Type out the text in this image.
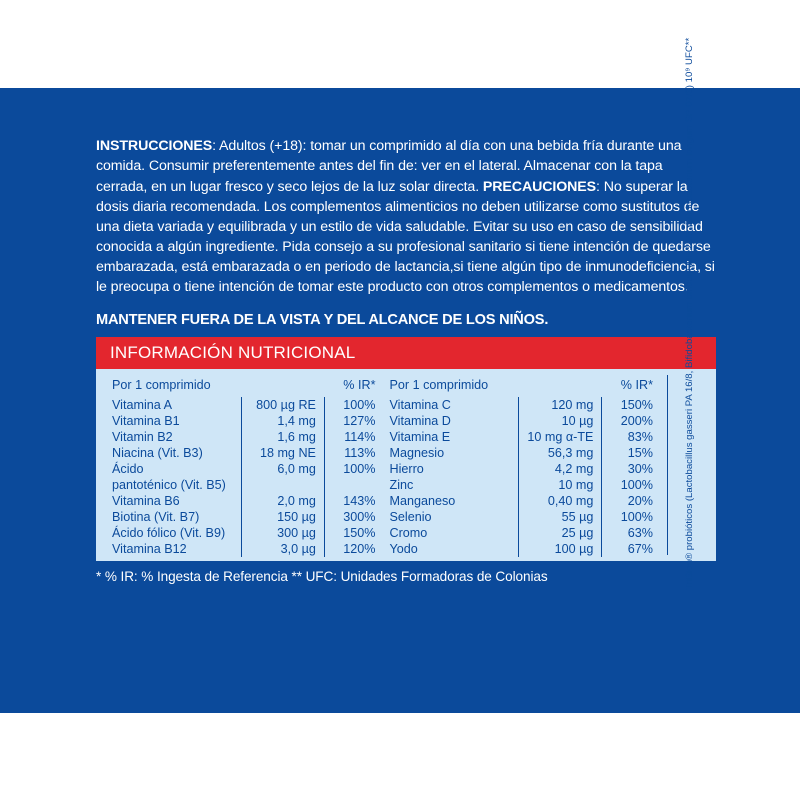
INSTRUCCIONES: Adultos (+18): tomar un comprimido al día con una bebida fría durante una comida. Consumir preferentemente antes del fin de: ver en el lateral. Almacenar con la tapa cerrada, en un lugar fresco y seco lejos de la luz solar directa. PRECAUCIONES: No superar la dosis diaria recomendada. Los complementos alimenticios no deben utilizarse como sustitutos de una dieta variada y equilibrada y un estilo de vida saludable. Evitar su uso en caso de sensibilidad conocida a algún ingrediente. Pida consejo a su profesional sanitario si tiene intención de quedarse embarazada, está embarazada o en periodo de lactancia,si tiene algún tipo de inmunodeficiencia, si le preocupa o tiene intención de tomar este producto con otros complementos o medicamentos.

MANTENER FUERA DE LA VISTA Y DEL ALCANCE DE LOS NIÑOS.
INFORMACIÓN NUTRICIONAL
Por 1 comprimido		% IR*
Vitamina A	800 µg RE	100%
Vitamina B1	1,4 mg	127%
Vitamin B2	1,6 mg	114%
Niacina (Vit. B3)	18 mg NE	113%
Ácido	6,0 mg	100%
pantoténico (Vit. B5)		
Vitamina B6	2,0 mg	143%
Biotina (Vit. B7)	150 µg	300%
Ácido fólico (Vit. B9)	300 µg	150%
Vitamina B12	3,0 µg	120%
Por 1 comprimido		% IR*
Vitamina C	120 mg	150%
Vitamina D	10 µg	200%
Vitamina E	10 mg α-TE	83%
Magnesio	56,3 mg	15%
Hierro	4,2 mg	30%
Zinc	10 mg	100%
Manganeso	0,40 mg	20%
Selenio	55 µg	100%
Cromo	25 µg	63%
Yodo	100 µg	67%	TriBion® probióticos (Lactobacillus gasseri PA 16/8, Bifidobacterium bifidum MF 20/5, Bifidobacterium longum SP 07/3) 10⁹ UFC**
* % IR: % Ingesta de Referencia ** UFC: Unidades Formadoras de Colonias
